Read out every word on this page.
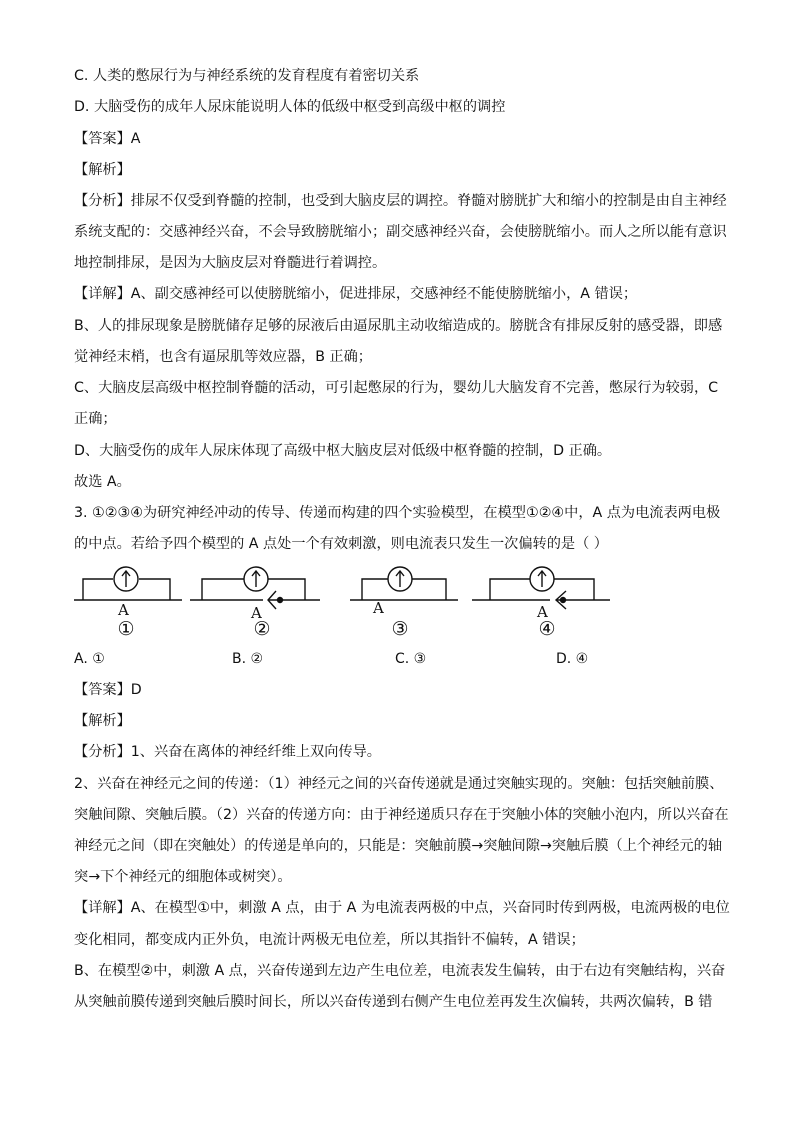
C. 人类的憋尿行为与神经系统的发育程度有着密切关系
D. 大脑受伤的成年人尿床能说明人体的低级中枢受到高级中枢的调控
【答案】A
【解析】
【分析】排尿不仅受到脊髓的控制，也受到大脑皮层的调控。脊髓对膀胱扩大和缩小的控制是由自主神经
系统支配的：交感神经兴奋，不会导致膀胱缩小；副交感神经兴奋，会使膀胱缩小。而人之所以能有意识
地控制排尿，是因为大脑皮层对脊髓进行着调控。
【详解】A、副交感神经可以使膀胱缩小，促进排尿，交感神经不能使膀胱缩小，A 错误；
B、人的排尿现象是膀胱储存足够的尿液后由逼尿肌主动收缩造成的。膀胱含有排尿反射的感受器，即感
觉神经末梢，也含有逼尿肌等效应器，B 正确；
C、大脑皮层高级中枢控制脊髓的活动，可引起憋尿的行为，婴幼儿大脑发育不完善，憋尿行为较弱，C
正确；
D、大脑受伤的成年人尿床体现了高级中枢大脑皮层对低级中枢脊髓的控制，D 正确。
故选 A。
3. ①②③④为研究神经冲动的传导、传递而构建的四个实验模型，在模型①②④中，A 点为电流表两电极
的中点。若给予四个模型的 A 点处一个有效刺激，则电流表只发生一次偏转的是（ ）
A	A	A	A
①	②	③	④
A. ①	B. ②	C. ③	D. ④
【答案】D
【解析】
【分析】1、兴奋在离体的神经纤维上双向传导。
2、兴奋在神经元之间的传递：（1）神经元之间的兴奋传递就是通过突触实现的。突触：包括突触前膜、
突触间隙、突触后膜。（2）兴奋的传递方向：由于神经递质只存在于突触小体的突触小泡内，所以兴奋在
神经元之间（即在突触处）的传递是单向的，只能是：突触前膜→突触间隙→突触后膜（上个神经元的轴
突→下个神经元的细胞体或树突）。
【详解】A、在模型①中，刺激 A 点，由于 A 为电流表两极的中点，兴奋同时传到两极，电流两极的电位
变化相同，都变成内正外负，电流计两极无电位差，所以其指针不偏转，A 错误；
B、在模型②中，刺激 A 点，兴奋传递到左边产生电位差，电流表发生偏转，由于右边有突触结构，兴奋
从突触前膜传递到突触后膜时间长，所以兴奋传递到右侧产生电位差再发生次偏转，共两次偏转，B 错
